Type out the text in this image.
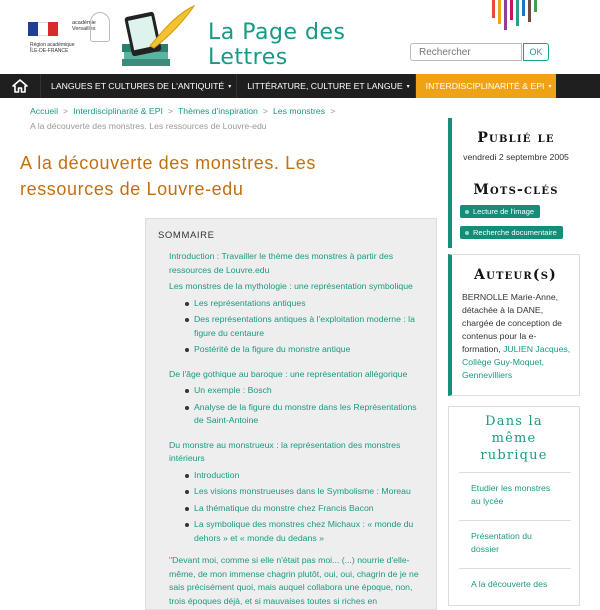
académie
Versailles
Région académique
ÎLE-DE-FRANCE
La Page des
Lettres
Rechercher	OK
LANGUES ET CULTURES DE L'ANTIQUITÉ ▾ LITTÉRATURE, CULTURE ET LANGUE ▾ INTERDISCIPLINARITÉ & EPI ▾
Accueil > Interdisciplinarité & EPI > Thèmes d'inspiration > Les monstres >
A la découverte des monstres. Les ressources de Louvre-edu
A la découverte des monstres. Les ressources de Louvre-edu
SOMMAIRE
Introduction : Travailler le thème des monstres à partir des ressources de Louvre.edu
Les monstres de la mythologie : une représentation symbolique
Les représentations antiques
Des représentations antiques à l'exploitation moderne : la figure du centaure
Postérité de la figure du monstre antique
De l'âge gothique au baroque : une représentation allégorique
Un exemple : Bosch
Analyse de la figure du monstre dans les Représentations de Saint-Antoine
Du monstre au monstrueux : la représentation des monstres intérieurs
Introduction
Les visions monstrueuses dans le Symbolisme : Moreau
La thématique du monstre chez Francis Bacon
La symbolique des monstres chez Michaux : « monde du dehors » et « monde du dedans »
"Devant moi, comme si elle n'était pas moi... (...) nourrie d'elle-même, de mon immense chagrin plutôt, oui, oui, chagrin de je ne sais précisément quoi, mais auquel collabora une époque, non, trois époques déjà, et si mauvaises toutes si riches en
Publié le
vendredi 2 septembre 2005
Mots-clés
Lecture de l'image
Recherche documentaire
Auteur(s)
BERNOLLE Marie-Anne, détachée à la DANE, chargée de conception de contenus pour la e-formation, JULIEN Jacques, Collège Guy-Moquet, Gennevilliers
Dans la même rubrique
Etudier les monstres au lycée
Présentation du dossier
A la découverte des
